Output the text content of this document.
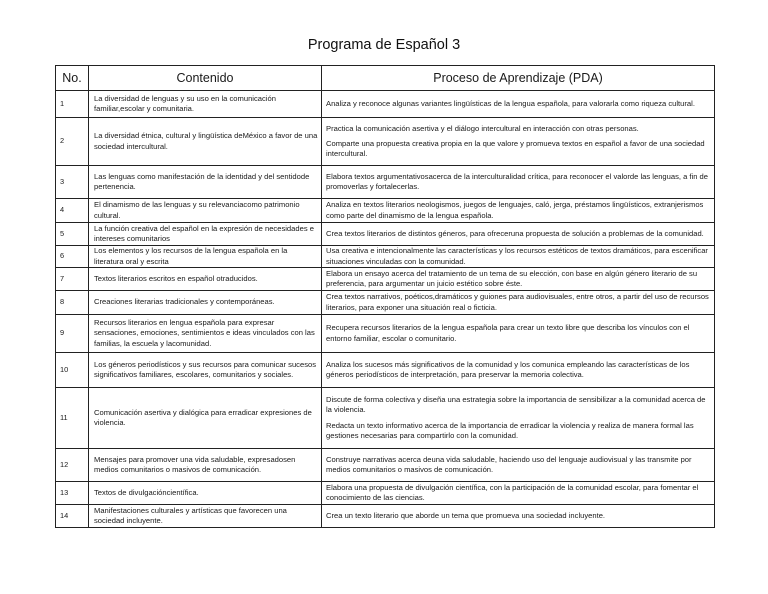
Programa de Español 3
No.	Contenido	Proceso de Aprendizaje (PDA)
1	La diversidad de lenguas y su uso en la comunicación familiar,escolar y comunitaria.	Analiza y reconoce algunas variantes lingüísticas de la lengua española, para valorarla como riqueza cultural.

2	La diversidad étnica, cultural y lingüística deMéxico a favor de una sociedad intercultural.	Practica la comunicación asertiva y el diálogo intercultural en interacción con otras personas.

Comparte una propuesta creativa propia en la que valore y promueva textos en español a favor de una sociedad intercultural.

3	Las lenguas como manifestación de la identidad y del sentidode pertenencia.	Elabora textos argumentativosacerca de la interculturalidad crítica, para reconocer el valorde las lenguas, a fin de promoverlas y fortalecerlas.

4	El dinamismo de las lenguas y su relevanciacomo patrimonio cultural.	Analiza en textos literarios neologismos, juegos de lenguajes, caló, jerga, préstamos lingüísticos, extranjerismos como parte del dinamismo de la lengua española.

5	La función creativa del español en la expresión de necesidades e intereses comunitarios	Crea textos literarios de distintos géneros, para ofrecerunа propuesta de solución a problemas de la comunidad.

6	Los elementos y los recursos de la lengua española en la literatura oral y escrita	Usa creativa e intencionalmente las características y los recursos estéticos de textos dramáticos, para escenificar situaciones vinculadas con la comunidad.

7	Textos literarios escritos en español otraducidos.	Elabora un ensayo acerca del tratamiento de un tema de su elección, con base en algún género literario de su preferencia, para argumentar un juicio estético sobre éste.

8	Creaciones literarias tradicionales y contemporáneas.	Crea textos narrativos, poéticos,dramáticos y guiones para audiovisuales, entre otros, a partir del uso de recursos literarios, para exponer una situación real o ficticia.

9	Recursos literarios en lengua española para expresar sensaciones, emociones, sentimientos e ideas vinculados con las familias, la escuela y lacomunidad.	Recupera recursos literarios de la lengua española para crear un texto libre que describa los vínculos con el entorno familiar, escolar o comunitario.

10	Los géneros periodísticos y sus recursos para comunicar sucesos significativos familiares, escolares, comunitarios y sociales.	Analiza los sucesos más significativos de la comunidad y los comunica empleando las características de los géneros periodísticos de interpretación, para preservar la memoria colectiva.

11	Comunicación asertiva y dialógica para erradicar expresiones de violencia.	Discute de forma colectiva y diseña una estrategia sobre la importancia de sensibilizar a la comunidad acerca de la violencia.

Redacta un texto informativo acerca de la importancia de erradicar la violencia y realiza de manera formal las gestiones necesarias para compartirlo con la comunidad.

12	Mensajes para promover una vida saludable, expresadosen medios comunitarios o masivos de comunicación.	Construye narrativas acerca deuna vida saludable, haciendo uso del lenguaje audiovisual y las transmite por medios comunitarios o masivos de comunicación.

13	Textos de divulgacióncientífica.	Elabora una propuesta de divulgación científica, con la participación de la comunidad escolar, para fomentar el conocimiento de las ciencias.

14	Manifestaciones culturales y artísticas que favorecen una sociedad incluyente.	Crea un texto literario que aborde un tema que promueva una sociedad incluyente.
